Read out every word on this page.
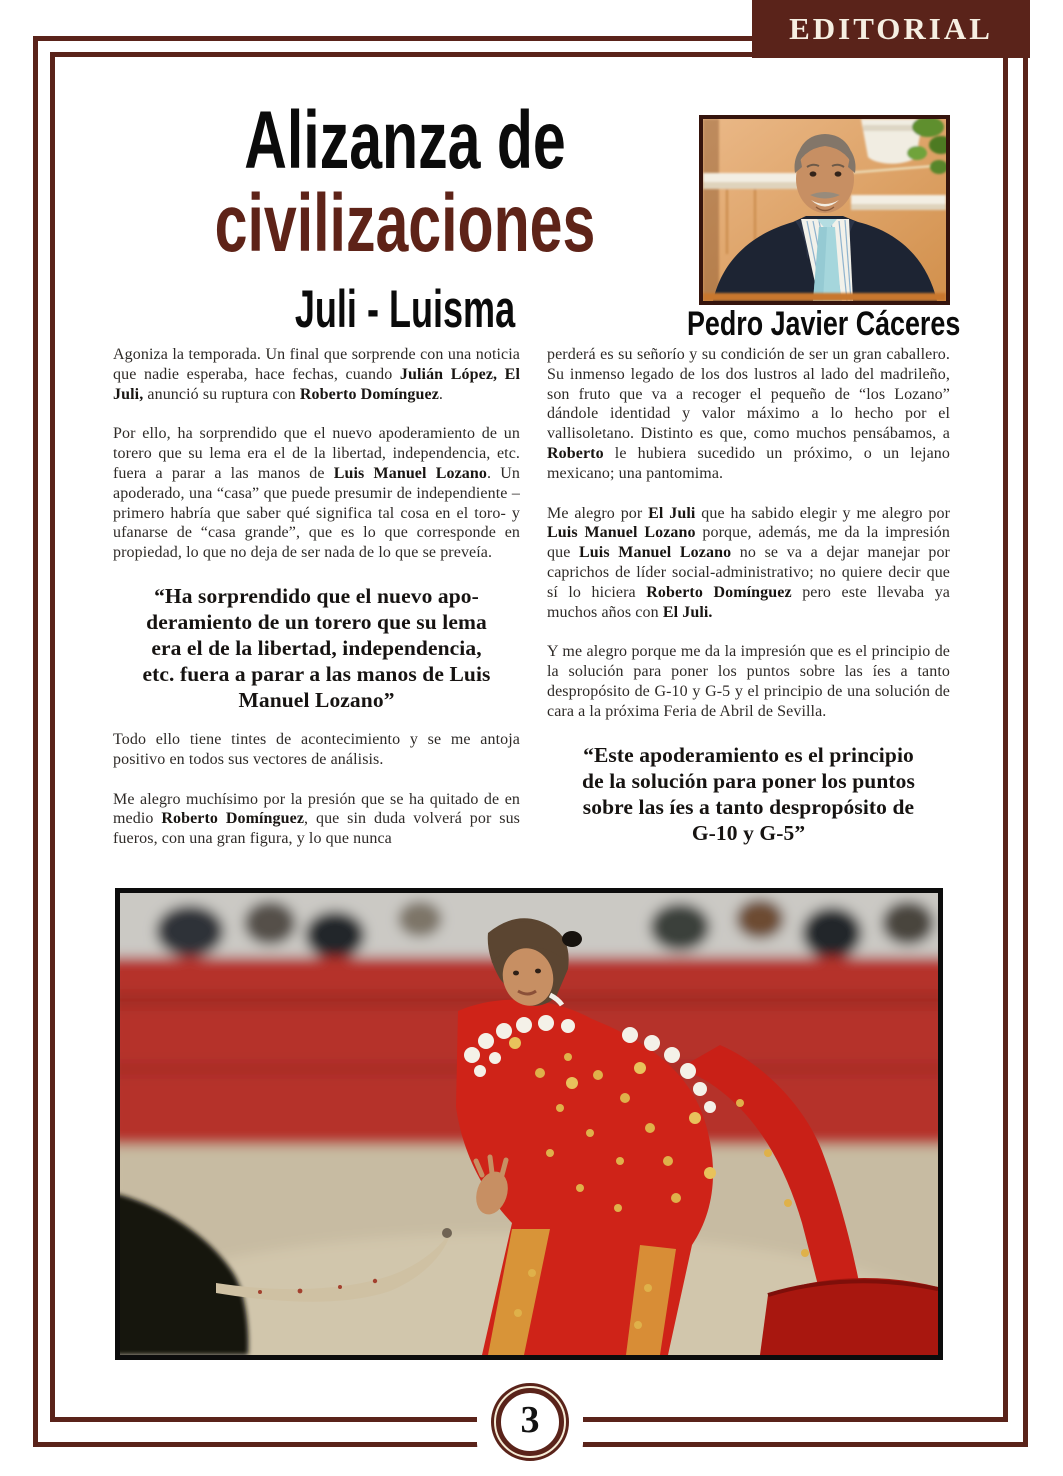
EDITORIAL
Alizanza de
civilizaciones
Juli - Luisma	Pedro Javier Cáceres
Agoniza la temporada. Un final que sorprende con una noticia que nadie esperaba, hace fechas, cuando Julián López, El Juli, anunció su ruptura con Roberto Domínguez.
Por ello, ha sorprendido que el nuevo apoderamiento de un torero que su lema era el de la libertad, independencia, etc. fuera a parar a las manos de Luis Manuel Lozano. Un apoderado, una “casa” que puede presumir de independiente –primero habría que saber qué significa tal cosa en el toro- y ufanarse de “casa grande”, que es lo que corresponde en propiedad, lo que no deja de ser nada de lo que se preveía.
“Ha sorprendido que el nuevo apo-
deramiento de un torero que su lema
era el de la libertad, independencia,
etc. fuera a parar a las manos de Luis
Manuel Lozano”
Todo ello tiene tintes de acontecimiento y se me antoja positivo en todos sus vectores de análisis.
Me alegro muchísimo por la presión que se ha quitado de en medio Roberto Domínguez, que sin duda volverá por sus fueros, con una gran figura, y lo que nunca
perderá es su señorío y su condición de ser un gran caballero. Su inmenso legado de los dos lustros al lado del madrileño, son fruto que va a recoger el pequeño de “los Lozano” dándole identidad y valor máximo a lo hecho por el vallisoletano. Distinto es que, como muchos pensábamos, a Roberto le hubiera sucedido un próximo, o un lejano mexicano; una pantomima.
Me alegro por El Juli que ha sabido elegir y me alegro por Luis Manuel Lozano porque, además, me da la impresión que Luis Manuel Lozano no se va a dejar manejar por caprichos de líder social-administrativo; no quiere decir que sí lo hiciera Roberto Domínguez pero este llevaba ya muchos años con El Juli.
Y me alegro porque me da la impresión que es el principio de la solución para poner los puntos sobre las íes a tanto despropósito de G-10 y G-5 y el principio de una solución de cara a la próxima Feria de Abril de Sevilla.
“Este apoderamiento es el principio
de la solución para poner los puntos
sobre las íes a tanto despropósito de
G-10 y G-5”
3
